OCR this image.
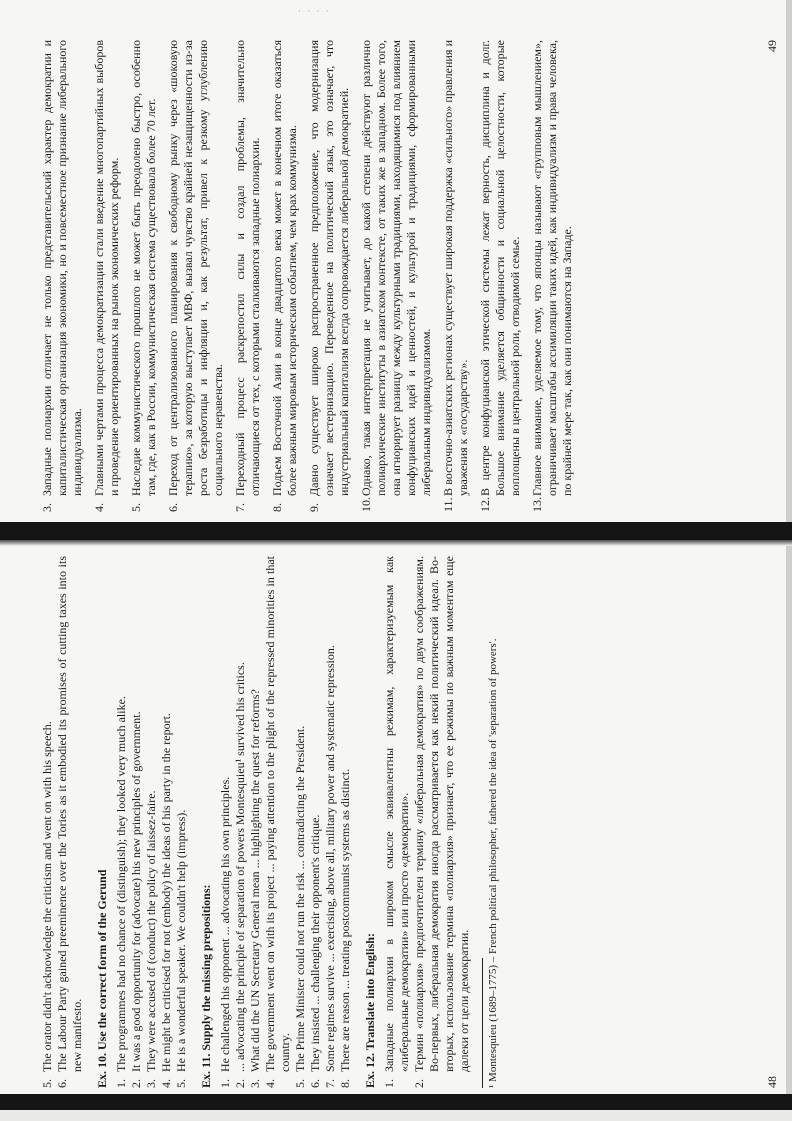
· · · ·
3.
Западные полиархии отличает не только представительский характер демократии и капиталистическая организация экономики, но и повсеместное признание либерального индивидуализма.
4.
Главными чертами процесса демократизации стали введение многопартийных выборов и проведение ориентированных на рынок экономических реформ.
5.
Наследие коммунистического прошлого не может быть преодолено быстро, особенно там, где, как в России, коммунистическая система существовала более 70 лет.
6.
Переход от централизованного планирования к свободному рынку через «шоковую терапию», за которую выступает МВФ, вызвал чувство крайней незащищенности из-за роста безработицы и инфляции и, как результат, привел к резкому углублению социального неравенства.
7.
Переходный процесс раскрепостил силы и создал проблемы, значительно отличающиеся от тех, с которыми сталкиваются западные полиархии.
8.
Подъем Восточной Азии в конце двадцатого века может в конечном итоге оказаться более важным мировым историческим событием, чем крах коммунизма.
9.
Давно существует широко распространенное предположение, что модернизация означает вестернизацию. Переведенное на политический язык, это означает, что индустриальный капитализм всегда сопровождается либеральной демократией.
10.
Однако, такая интерпретация не учитывает, до какой степени действуют различно полиархические институты в азиатском контексте, от таких же в западном. Более того, она игнорирует разницу между культурными традициями, находящимися под влиянием конфуцианских идей и ценностей, и культурой и традициями, сформированными либеральным индивидуализмом.
11.
В восточно-азиатских регионах существует широкая поддержка «сильного» правления и уважения к «государству».
12.
В центре конфуцианской этической системы лежат верность, дисциплина и долг. Большое внимание уделяется общинности и социальной целостности, которые воплощены в центральной роли, отводимой семье.
13.
Главное внимание, уделяемое тому, что японцы называют «групповым мышлением», ограничивает масштабы ассимиляции таких идей, как индивидуализм и права человека, по крайней мере так, как они понимаются на Западе.
49
5.
The orator didn't acknowledge the criticism and went on with his speech.
6.
The Labour Party gained preeminence over the Tories as it embodied its promises of cutting taxes into its new manifesto. Ex. 10. Use the correct form of the Gerund
1.
The programmes had no chance of (distinguish); they looked very much alike.
2.
It was a good opportunity for (advocate) his new principles of government.
3.
They were accused of (conduct) the policy of laissez-faire.
4.
He might be criticised for not (embody) the ideas of his party in the report.
5.
He is a wonderful speaker. We couldn't help (impress). Ex. 11. Supply the missing prepositions:
1.
He challenged his opponent ... advocating his own principles.
2.
... advocating the principle of separation of powers Montesquieu¹ survived his critics.
3.
What did the UN Secretary General mean ... highlighting the quest for reforms?
4.
The government went on with its project ... paying attention to the plight of the repressed minorities in that country.
5.
The Prime Minister could not run the risk ... contradicting the President.
6.
They insisted ... challenging their opponent's critique.
7.
Some regimes survive ... exercising, above all, military power and systematic repression.
8.
There are reason ... treating postcommunist systems as distinct. Ex. 12. Translate into English:
1.
Западные полиархии в широком смысле эквивалентны режимам, характеризуемым как «либеральные демократии» или просто «демократии».
2.
Термин «полиархия» предпочтителен термину «либеральная демократия» по двум соображениям. Во-первых, либеральная демократия иногда рассматривается как некий политический идеал. Во-вторых, использование термина «полиархия» признает, что ее режимы по важным моментам еще далеки от цели демократии. ¹ Montesquieu (1689–1775) – French political philosopher, fathered the idea of 'separation of powers'.	48
